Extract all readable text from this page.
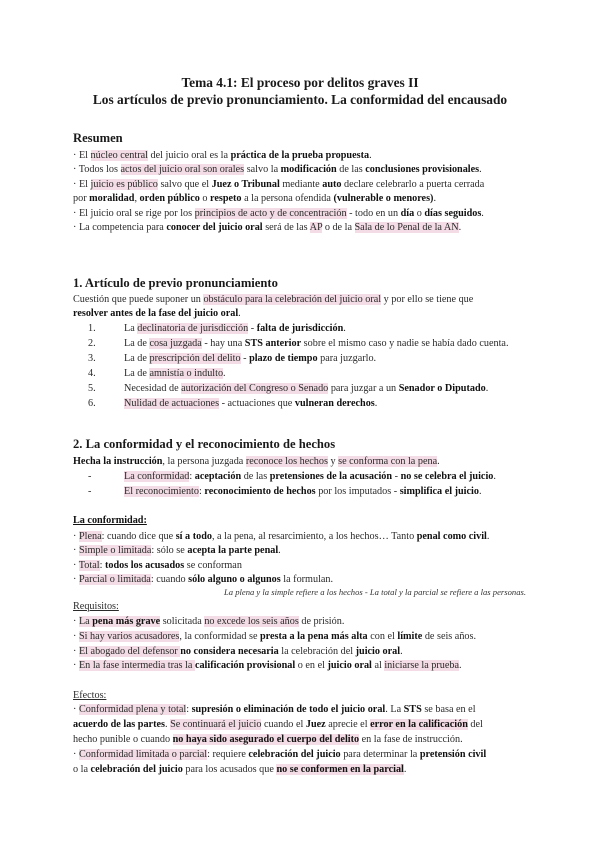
Tema 4.1: El proceso por delitos graves II
Los artículos de previo pronunciamiento. La conformidad del encausado
Resumen
· El núcleo central del juicio oral es la práctica de la prueba propuesta.
· Todos los actos del juicio oral son orales salvo la modificación de las conclusiones provisionales.
· El juicio es público salvo que el Juez o Tribunal mediante auto declare celebrarlo a puerta cerrada
por moralidad, orden público o respeto a la persona ofendida (vulnerable o menores).
· El juicio oral se rige por los principios de acto y de concentración - todo en un día o días seguidos.
· La competencia para conocer del juicio oral será de las AP o de la Sala de lo Penal de la AN.
1. Artículo de previo pronunciamiento
Cuestión que puede suponer un obstáculo para la celebración del juicio oral y por ello se tiene que
resolver antes de la fase del juicio oral.
1.	La declinatoria de jurisdicción - falta de jurisdicción.
2.	La de cosa juzgada - hay una STS anterior sobre el mismo caso y nadie se había dado cuenta.
3.	La de prescripción del delito - plazo de tiempo para juzgarlo.
4.	La de amnistía o indulto.
5.	Necesidad de autorización del Congreso o Senado para juzgar a un Senador o Diputado.
6.	Nulidad de actuaciones - actuaciones que vulneran derechos.
2. La conformidad y el reconocimiento de hechos
Hecha la instrucción, la persona juzgada reconoce los hechos y se conforma con la pena.
-	La conformidad: aceptación de las pretensiones de la acusación - no se celebra el juicio.
-	El reconocimiento: reconocimiento de hechos por los imputados - simplifica el juicio.
La conformidad:
· Plena: cuando dice que sí a todo, a la pena, al resarcimiento, a los hechos… Tanto penal como civil.
· Simple o limitada: sólo se acepta la parte penal.
· Total: todos los acusados se conforman
· Parcial o limitada: cuando sólo alguno o algunos la formulan.
La plena y la simple refiere a los hechos - La total y la parcial se refiere a las personas.
Requisitos:
· La pena más grave solicitada no excede los seis años de prisión.
· Si hay varios acusadores, la conformidad se presta a la pena más alta con el límite de seis años.
· El abogado del defensor no considera necesaria la celebración del juicio oral.
· En la fase intermedia tras la calificación provisional o en el juicio oral al iniciarse la prueba.
Efectos:
· Conformidad plena y total: supresión o eliminación de todo el juicio oral. La STS se basa en el
acuerdo de las partes. Se continuará el juicio cuando el Juez aprecie el error en la calificación del
hecho punible o cuando no haya sido asegurado el cuerpo del delito en la fase de instrucción.
· Conformidad limitada o parcial: requiere celebración del juicio para determinar la pretensión civil
o la celebración del juicio para los acusados que no se conformen en la parcial.
